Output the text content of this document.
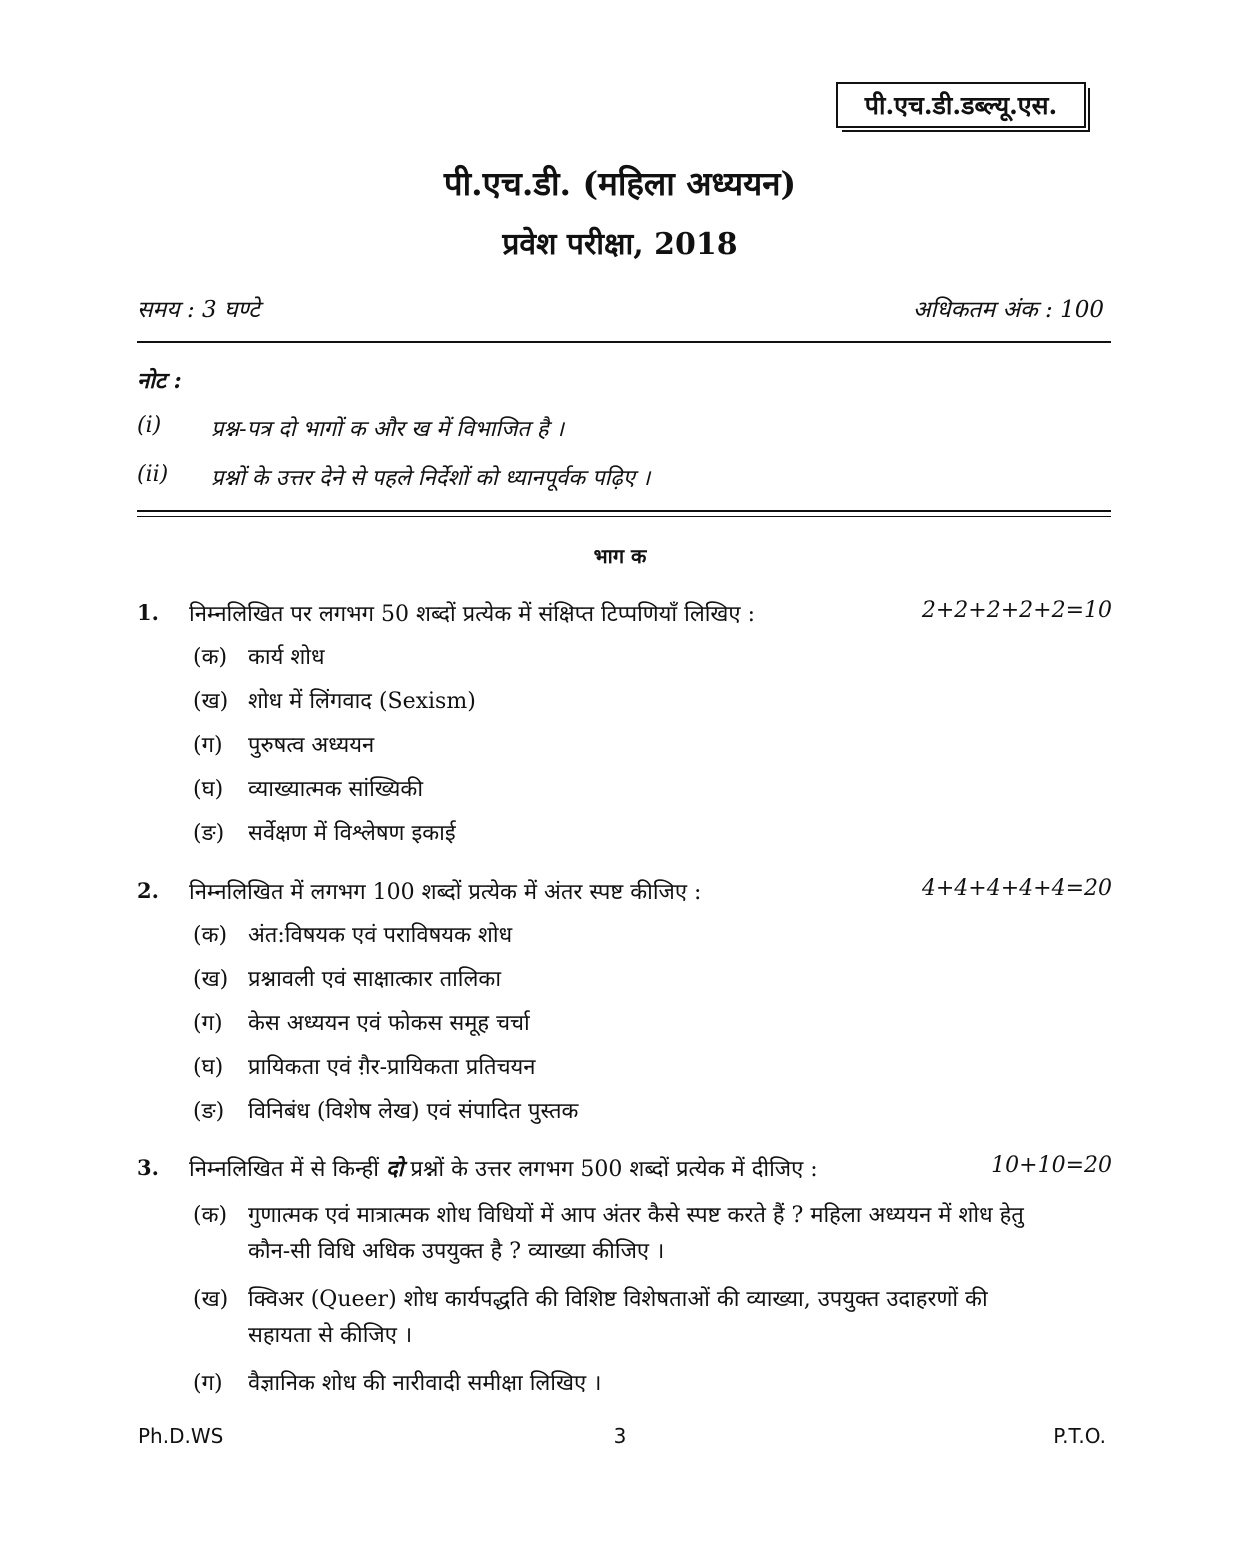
पी.एच.डी.डब्ल्यू.एस.
पी.एच.डी. (महिला अध्ययन)
प्रवेश परीक्षा, 2018
समय : 3 घण्टे	अधिकतम अंक : 100
नोट :
(i)	प्रश्न-पत्र दो भागों क और ख में विभाजित है ।
(ii)	प्रश्नों के उत्तर देने से पहले निर्देशों को ध्यानपूर्वक पढ़िए ।
भाग क
1. निम्नलिखित पर लगभग 50 शब्दों प्रत्येक में संक्षिप्त टिप्पणियाँ लिखिए :	2+2+2+2+2=10
(क) कार्य शोध
(ख) शोध में लिंगवाद (Sexism)
(ग) पुरुषत्व अध्ययन
(घ) व्याख्यात्मक सांख्यिकी
(ङ) सर्वेक्षण में विश्लेषण इकाई
2. निम्नलिखित में लगभग 100 शब्दों प्रत्येक में अंतर स्पष्ट कीजिए :	4+4+4+4+4=20
(क) अंत:विषयक एवं पराविषयक शोध
(ख) प्रश्नावली एवं साक्षात्कार तालिका
(ग) केस अध्ययन एवं फोकस समूह चर्चा
(घ) प्रायिकता एवं ग़ैर-प्रायिकता प्रतिचयन
(ङ) विनिबंध (विशेष लेख) एवं संपादित पुस्तक
3. निम्नलिखित में से किन्हीं दो प्रश्नों के उत्तर लगभग 500 शब्दों प्रत्येक में दीजिए :	10+10=20
(क) गुणात्मक एवं मात्रात्मक शोध विधियों में आप अंतर कैसे स्पष्ट करते हैं ? महिला अध्ययन में शोध हेतु कौन-सी विधि अधिक उपयुक्त है ? व्याख्या कीजिए ।
(ख) क्विअर (Queer) शोध कार्यपद्धति की विशिष्ट विशेषताओं की व्याख्या, उपयुक्त उदाहरणों की सहायता से कीजिए ।
(ग)	वैज्ञानिक शोध की नारीवादी समीक्षा लिखिए ।
Ph.D.WS	3	P.T.O.
